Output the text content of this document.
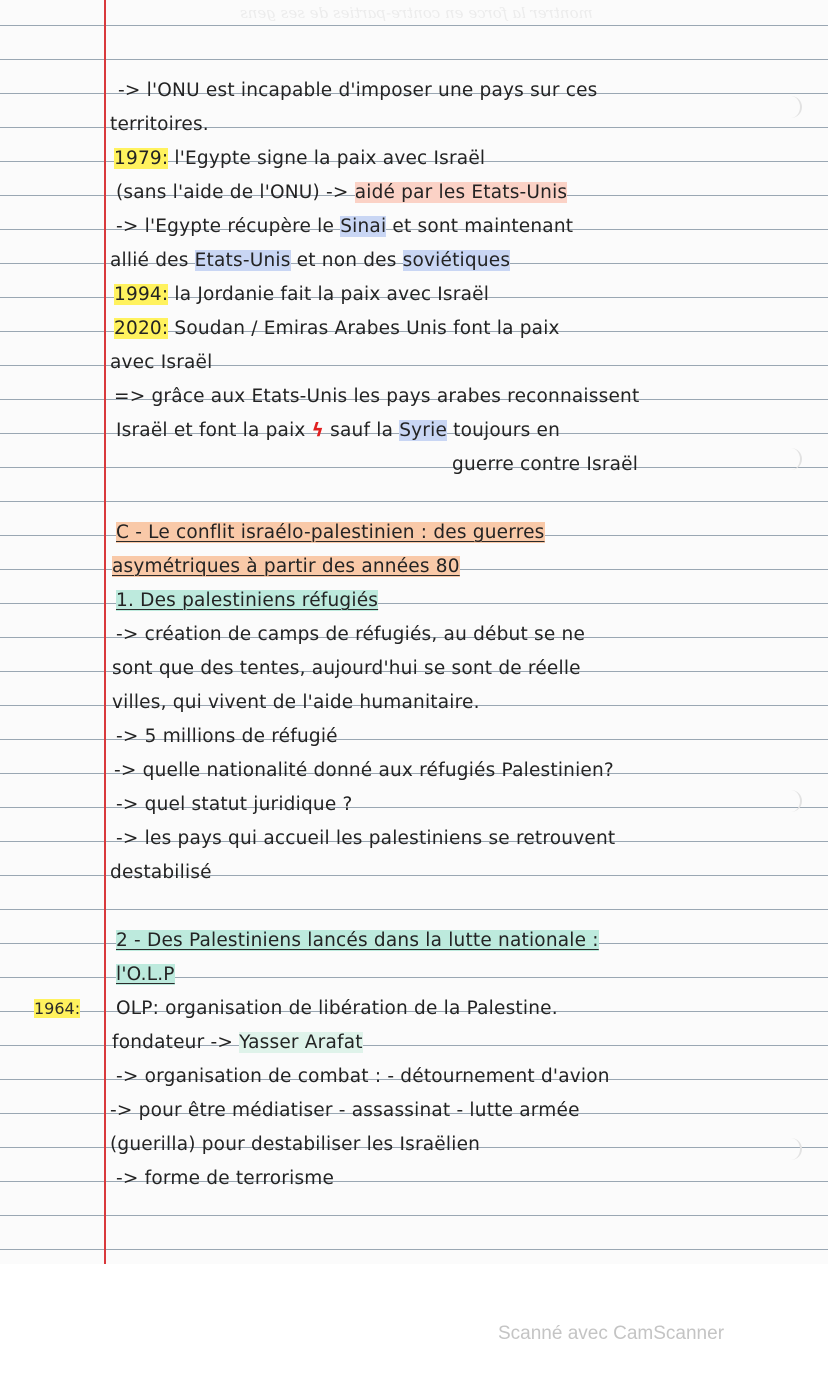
montrer la force en contre-parties de ses gens
-> l'ONU est incapable d'imposer une pays sur ces
territoires.
1979: l'Egypte signe la paix avec Israël
(sans l'aide de l'ONU) -> aidé par les Etats-Unis
-> l'Egypte récupère le Sinai et sont maintenant
allié des Etats-Unis et non des soviétiques
1994: la Jordanie fait la paix avec Israël
2020: Soudan / Emiras Arabes Unis font la paix
avec Israël
=> grâce aux Etats-Unis les pays arabes reconnaissent
Israël et font la paix ϟ sauf la Syrie toujours en
guerre contre Israël
C - Le conflit israélo-palestinien : des guerres
asymétriques à partir des années 80
1. Des palestiniens réfugiés
-> création de camps de réfugiés, au début se ne
sont que des tentes, aujourd'hui se sont de réelle
villes, qui vivent de l'aide humanitaire.
-> 5 millions de réfugié
-> quelle nationalité donné aux réfugiés Palestinien?
-> quel statut juridique ?
-> les pays qui accueil les palestiniens se retrouvent
destabilisé
2 - Des Palestiniens lancés dans la lutte nationale :
l'O.L.P
OLP: organisation de libération de la Palestine.
fondateur -> Yasser Arafat
-> organisation de combat : - détournement d'avion
-> pour être médiatiser - assassinat - lutte armée
(guerilla) pour destabiliser les Israëlien
-> forme de terrorisme
1964:
Scanné avec CamScanner
